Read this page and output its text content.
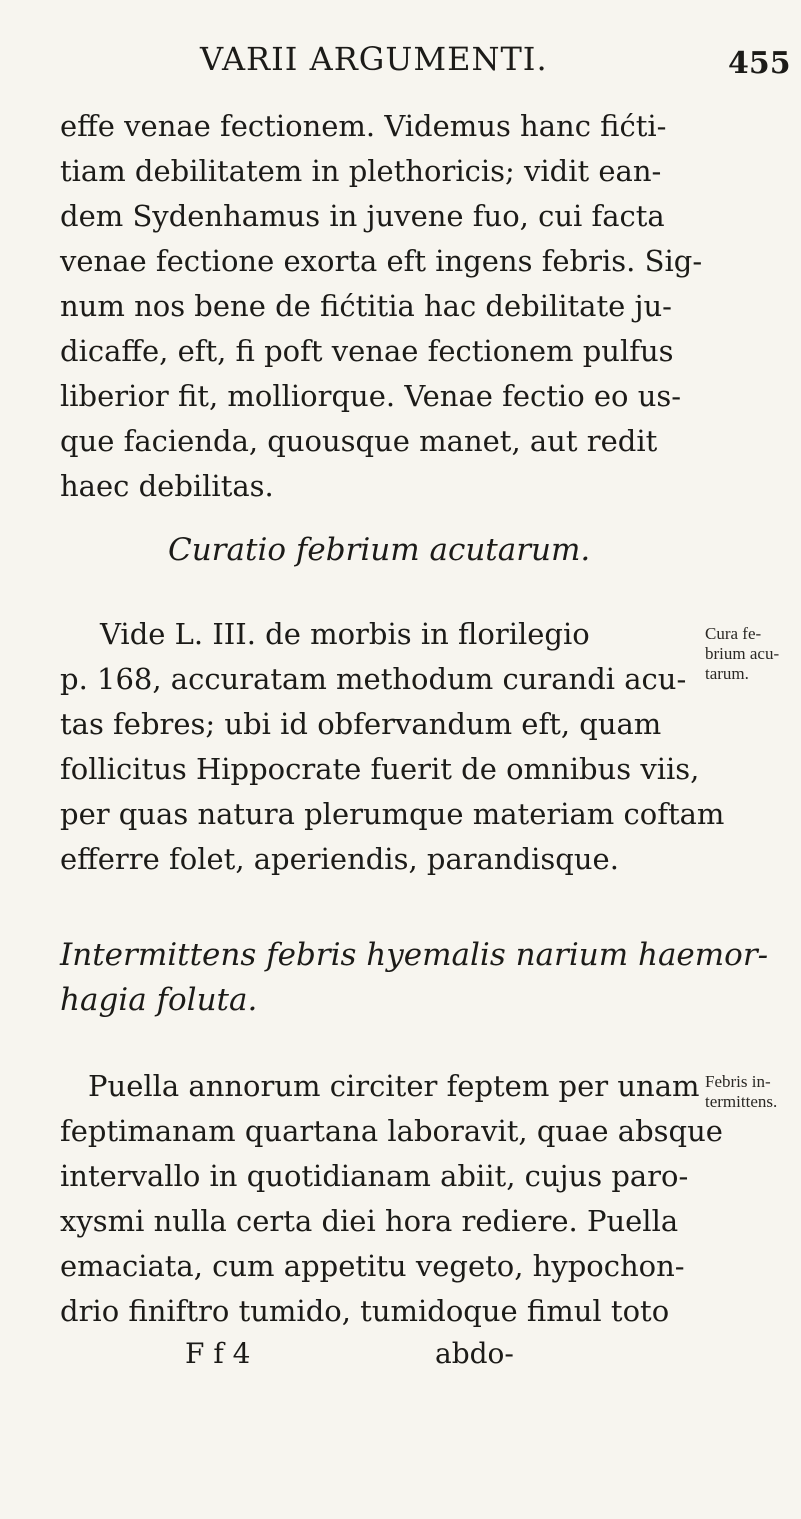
VARII ARGUMENTI.	455
effe venae fectionem. Videmus hanc fićti-
tiam debilitatem in plethoricis; vidit ean-
dem Sydenhamus in juvene fuo, cui facta
venae fectione exorta eft ingens febris. Sig-
num nos bene de fićtitia hac debilitate ju-
dicaffe, eft, fi poft venae fectionem pulfus
liberior fit, molliorque. Venae fectio eo us-
que facienda, quousque manet, aut redit
haec debilitas.
Curatio febrium acutarum.
Vide L. III. de morbis in florilegio
p. 168, accuratam methodum curandi acu-
tas febres; ubi id obfervandum eft, quam
follicitus Hippocrate fuerit de omnibus viis,
per quas natura plerumque materiam coftam
efferre folet, aperiendis, parandisque.
Cura fe-
brium acu-
tarum.
Intermittens febris hyemalis narium haemor-
hagia foluta.
Puella annorum circiter feptem per unam
feptimanam quartana laboravit, quae absque
intervallo in quotidianam abiit, cujus paro-
xysmi nulla certa diei hora rediere. Puella
emaciata, cum appetitu vegeto, hypochon-
drio finiftro tumido, tumidoque fimul toto
Febris in-
termittens.
F f 4	abdo-
